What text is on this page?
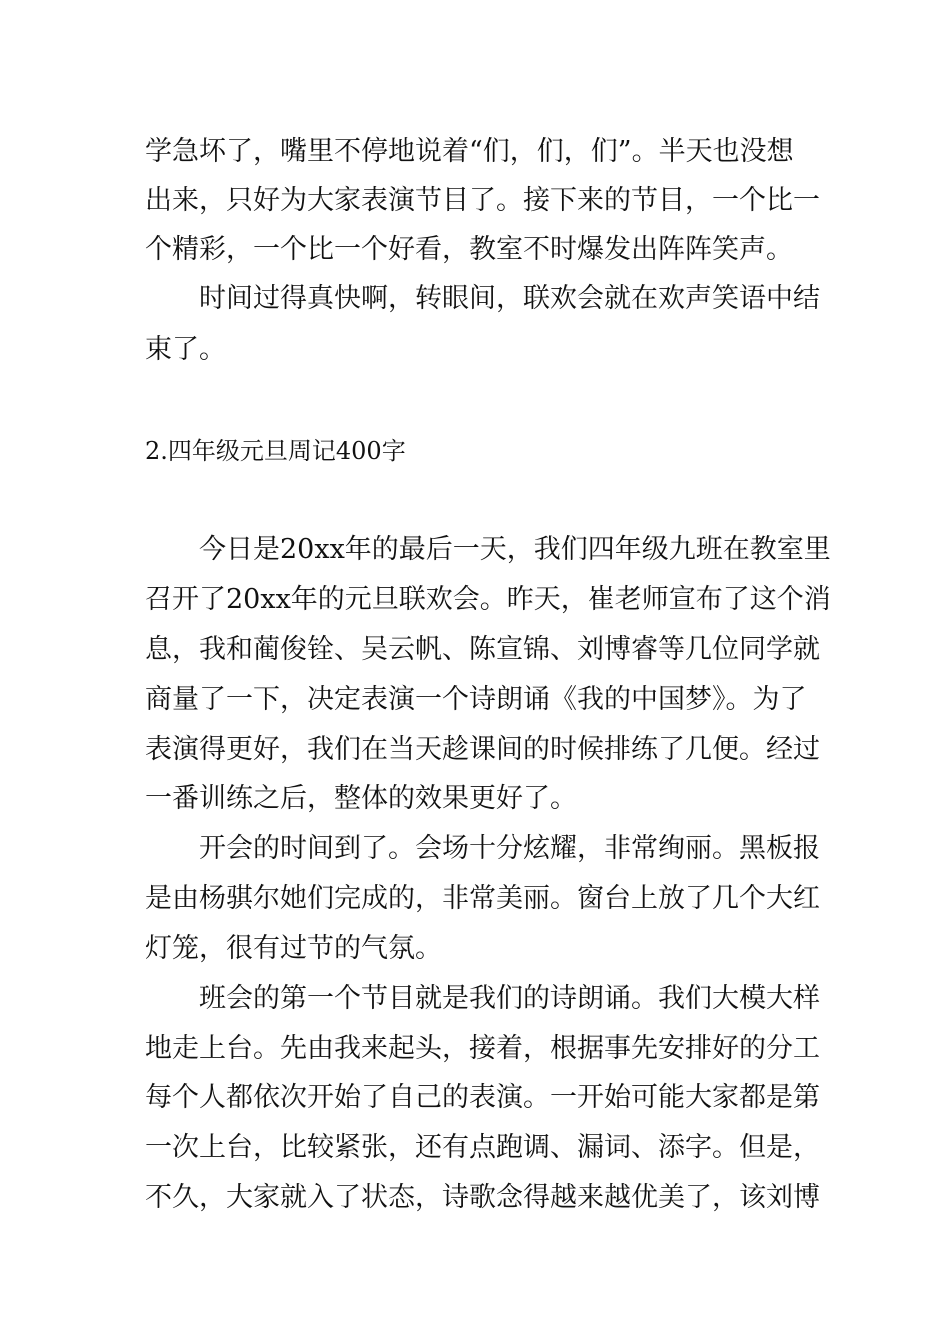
学急坏了，嘴里不停地说着“们，们，们”。半天也没想
出来，只好为大家表演节目了。接下来的节目，一个比一
个精彩，一个比一个好看，教室不时爆发出阵阵笑声。
时间过得真快啊，转眼间，联欢会就在欢声笑语中结
束了。
2.四年级元旦周记400字
今日是20xx年的最后一天，我们四年级九班在教室里
召开了20xx年的元旦联欢会。昨天，崔老师宣布了这个消
息，我和蔺俊铨、吴云帆、陈宣锦、刘博睿等几位同学就
商量了一下，决定表演一个诗朗诵《我的中国梦》。为了
表演得更好，我们在当天趁课间的时候排练了几便。经过
一番训练之后，整体的效果更好了。
开会的时间到了。会场十分炫耀，非常绚丽。黑板报
是由杨骐尔她们完成的，非常美丽。窗台上放了几个大红
灯笼，很有过节的气氛。
班会的第一个节目就是我们的诗朗诵。我们大模大样
地走上台。先由我来起头，接着，根据事先安排好的分工
每个人都依次开始了自己的表演。一开始可能大家都是第
一次上台，比较紧张，还有点跑调、漏词、添字。但是，
不久，大家就入了状态，诗歌念得越来越优美了，该刘博
